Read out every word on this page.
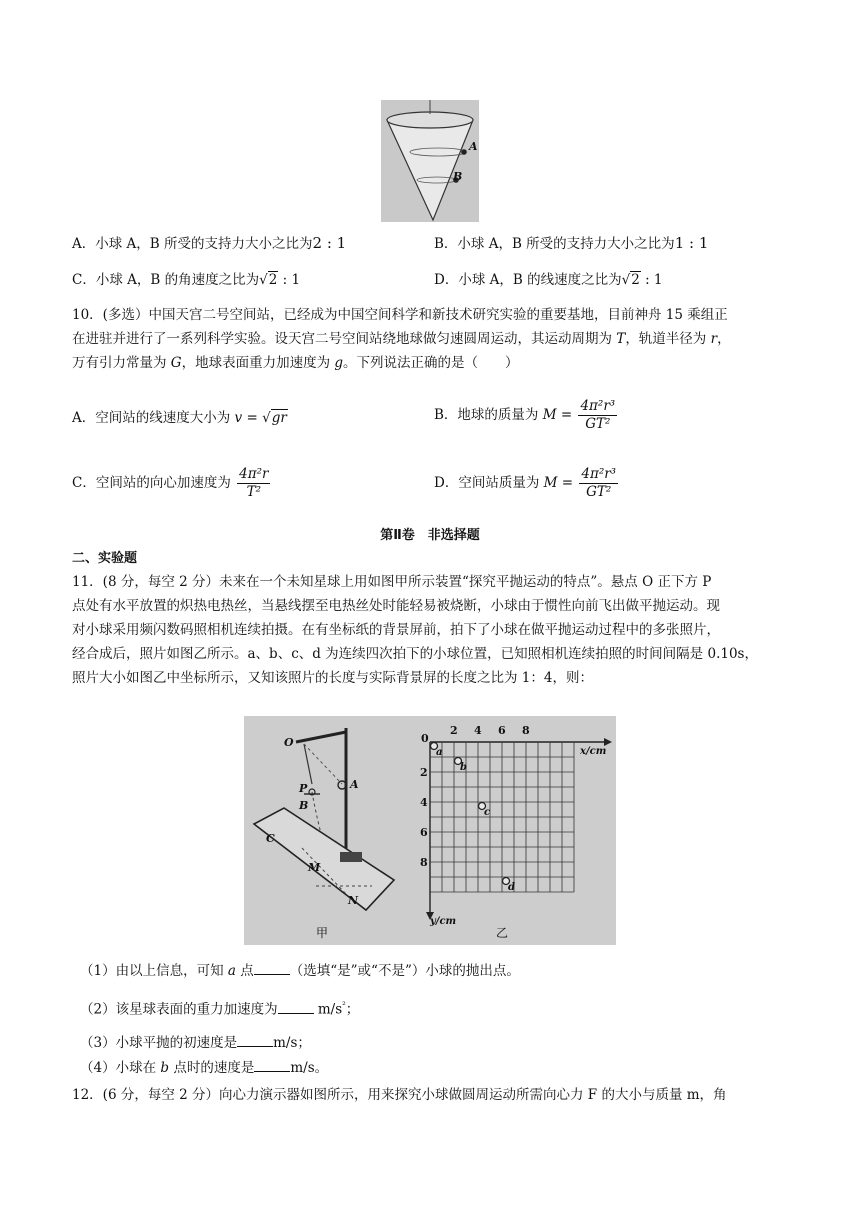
A
B
A．小球 A，B 所受的支持力大小之比为2 : 1	B．小球 A，B 所受的支持力大小之比为1 : 1
C．小球 A，B 的角速度之比为√2 : 1	D．小球 A，B 的线速度之比为√2 : 1
10．(多选）中国天宫二号空间站，已经成为中国空间科学和新技术研究实验的重要基地，目前神舟 15 乘组正
在进驻并进行了一系列科学实验。设天宫二号空间站绕地球做匀速圆周运动，其运动周期为 T，轨道半径为 r，
万有引力常量为 G，地球表面重力加速度为 g。下列说法正确的是（　　）
A．空间站的线速度大小为 v = √gr	B．地球的质量为 $M = \frac{\text{4π²r³}}{\text{GT²}}$
C．空间站的向心加速度为 $\frac{\text{4π²r}}{\text{T²}}$	D．空间站质量为 $M = \frac{\text{4π²r³}}{\text{GT²}}$
第Ⅱ卷　非选择题
二、实验题
11．(8 分，每空 2 分）未来在一个未知星球上用如图甲所示装置“探究平抛运动的特点”。悬点 O 正下方 P
点处有水平放置的炽热电热丝，当悬线摆至电热丝处时能轻易被烧断，小球由于惯性向前飞出做平抛运动。现
对小球采用频闪数码照相机连续拍摄。在有坐标纸的背景屏前，拍下了小球在做平抛运动过程中的多张照片，
经合成后，照片如图乙所示。a、b、c、d 为连续四次拍下的小球位置，已知照相机连续拍照的时间间隔是 0.10s，
照片大小如图乙中坐标所示，又知该照片的长度与实际背景屏的长度之比为 1：4，则：
O
P	A
B
C
M
N
甲
0
2 4 6 8
x/cm
2
4
6
8
y/cm
乙
a
b
c
d
（1）由以上信息，可知 a 点	（选填“是”或“不是”）小球的抛出点。
（2）该星球表面的重力加速度为	$m/s^{^2}$；
（3）小球平抛的初速度是	m/s；
（4）小球在 b 点时的速度是	m/s。
12．(6 分，每空 2 分）向心力演示器如图所示，用来探究小球做圆周运动所需向心力 F 的大小与质量 m，角
